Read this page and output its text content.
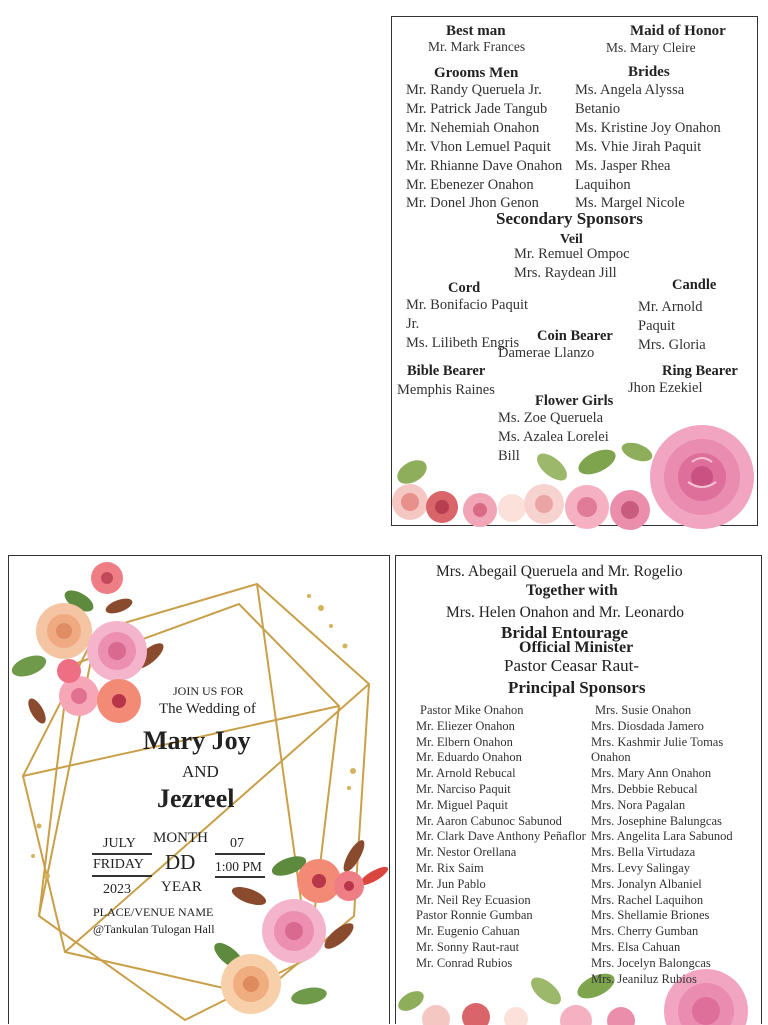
Best man
Mr. Mark Frances
Maid of Honor
Ms. Mary Cleire
Grooms Men	Brides
Mr. Randy Queruela Jr.
Mr. Patrick Jade Tangub
Mr. Nehemiah Onahon
Mr. Vhon Lemuel Paquit
Mr. Rhianne Dave Onahon
Mr. Ebenezer Onahon
Mr. Donel Jhon Genon
Ms. Angela Alyssa
Betanio
Ms. Kristine Joy Onahon
Ms. Vhie Jirah Paquit
Ms. Jasper Rhea
Laquihon
Ms. Margel Nicole
Secondary Sponsors
Veil
Mr. Remuel Ompoc
Mrs. Raydean Jill
Cord
Mr. Bonifacio Paquit
Jr.
Ms. Lilibeth Engris
Candle
Mr. Arnold
Paquit
Mrs. Gloria
Coin Bearer
Damerae Llanzo
Bible Bearer
Memphis Raines
Ring Bearer
Jhon Ezekiel
Flower Girls
Ms. Zoe Queruela
Ms. Azalea Lorelei
Bill
JOIN US FOR
The Wedding of
Mary Joy
AND
Jezreel
JULY MONTH 07
FRIDAY DD 1:00 PM
2023 YEAR
PLACE/VENUE NAME
@Tankulan Tulogan Hall
Mrs. Abegail Queruela and Mr. Rogelio
Together with
Mrs. Helen Onahon and Mr. Leonardo
Bridal Entourage
Official Minister
Pastor Ceasar Raut-
Principal Sponsors
Pastor Mike Onahon
Mr. Eliezer Onahon
Mr. Elbern Onahon
Mr. Eduardo Onahon
Mr. Arnold Rebucal
Mr. Narciso Paquit
Mr. Miguel Paquit
Mr. Aaron Cabunoc Sabunod
Mr. Clark Dave Anthony Peñaflor
Mr. Nestor Orellana
Mr. Rix Saim
Mr. Jun Pablo
Mr. Neil Rey Ecuasion
Pastor Ronnie Gumban
Mr. Eugenio Cahuan
Mr. Sonny Raut-raut
Mr. Conrad Rubios
Mrs. Susie Onahon
Mrs. Diosdada Jamero
Mrs. Kashmir Julie Tomas
Onahon
Mrs. Mary Ann Onahon
Mrs. Debbie Rebucal
Mrs. Nora Pagalan
Mrs. Josephine Balungcas
Mrs. Angelita Lara Sabunod
Mrs. Bella Virtudaza
Mrs. Levy Salingay
Mrs. Jonalyn Albaniel
Mrs. Rachel Laquihon
Mrs. Shellamie Briones
Mrs. Cherry Gumban
Mrs. Elsa Cahuan
Mrs. Jocelyn Balongcas
Mrs. Jeaniluz Rubios
